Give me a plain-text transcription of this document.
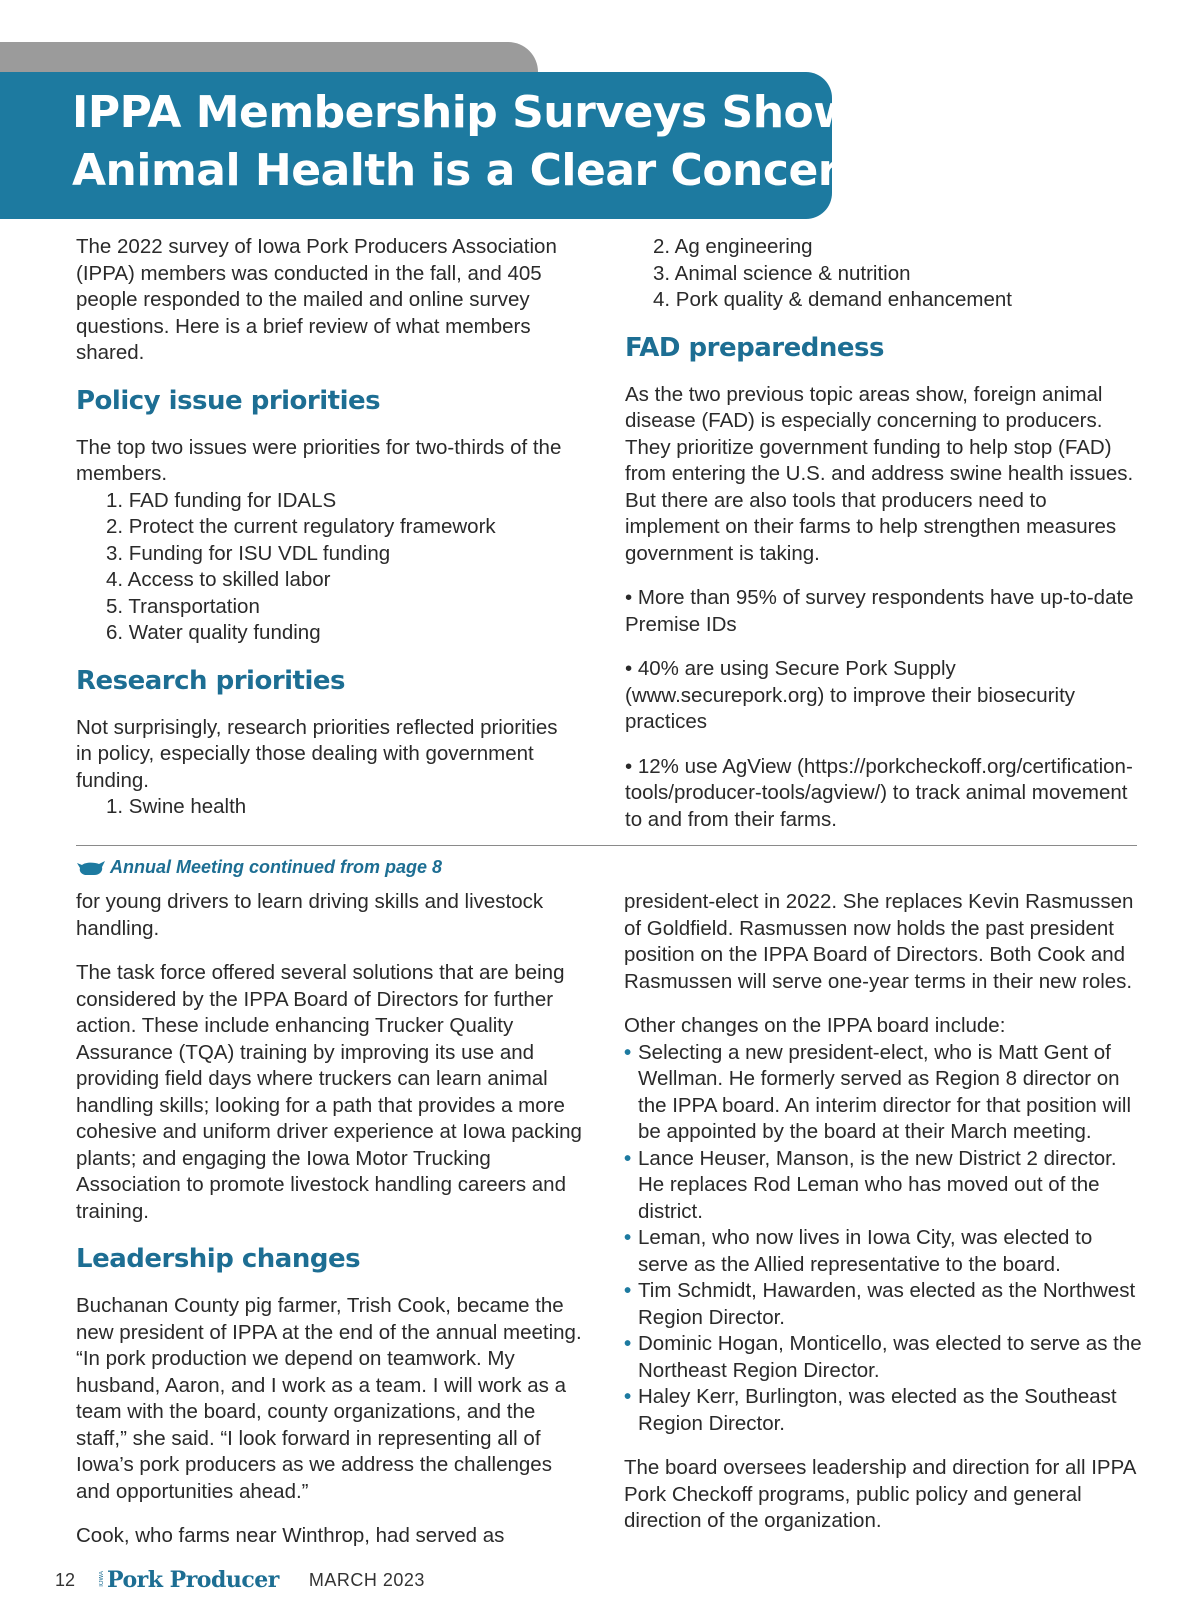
IPPA Membership Surveys Shows
Animal Health is a Clear Concern

The 2022 survey of Iowa Pork Producers Association (IPPA) members was conducted in the fall, and 405 people responded to the mailed and online survey questions. Here is a brief review of what members shared.

Policy issue priorities

The top two issues were priorities for two-thirds of the members.

1. FAD funding for IDALS
2. Protect the current regulatory framework
3. Funding for ISU VDL funding
4. Access to skilled labor
5. Transportation
6. Water quality funding
Research priorities

Not surprisingly, research priorities reflected priorities in policy, especially those dealing with government funding.

1. Swine health
2. Ag engineering
3. Animal science & nutrition
4. Pork quality & demand enhancement
FAD preparedness

As the two previous topic areas show, foreign animal disease (FAD) is especially concerning to producers. They prioritize government funding to help stop (FAD) from entering the U.S. and address swine health issues. But there are also tools that producers need to implement on their farms to help strengthen measures government is taking.

• More than 95% of survey respondents have up-to-date Premise IDs

• 40% are using Secure Pork Supply (www.securepork.org) to improve their biosecurity practices

• 12% use AgView (https://porkcheckoff.org/certification-tools/producer-tools/agview/) to track animal movement to and from their farms.

Annual Meeting continued from page 8

for young drivers to learn driving skills and livestock handling.

The task force offered several solutions that are being considered by the IPPA Board of Directors for further action. These include enhancing Trucker Quality Assurance (TQA) training by improving its use and providing field days where truckers can learn animal handling skills; looking for a path that provides a more cohesive and uniform driver experience at Iowa packing plants; and engaging the Iowa Motor Trucking Association to promote livestock handling careers and training.

Leadership changes

Buchanan County pig farmer, Trish Cook, became the new president of IPPA at the end of the annual meeting. “In pork production we depend on teamwork. My husband, Aaron, and I work as a team. I will work as a team with the board, county organizations, and the staff,” she said. “I look forward in representing all of Iowa’s pork producers as we address the challenges and opportunities ahead.”

Cook, who farms near Winthrop, had served as

president-elect in 2022. She replaces Kevin Rasmussen of Goldfield. Rasmussen now holds the past president position on the IPPA Board of Directors. Both Cook and Rasmussen will serve one-year terms in their new roles.

Other changes on the IPPA board include:

• Selecting a new president-elect, who is Matt Gent of Wellman. He formerly served as Region 8 director on the IPPA board. An interim director for that position will be appointed by the board at their March meeting.
• Lance Heuser, Manson, is the new District 2 director. He replaces Rod Leman who has moved out of the district.
• Leman, who now lives in Iowa City, was elected to serve as the Allied representative to the board.
• Tim Schmidt, Hawarden, was elected as the Northwest Region Director.
• Dominic Hogan, Monticello, was elected to serve as the Northeast Region Director.
• Haley Kerr, Burlington, was elected as the Southeast Region Director.

The board oversees leadership and direction for all IPPA Pork Checkoff programs, public policy and general direction of the organization.

12	IOWA Pork Producer MARCH 2023
